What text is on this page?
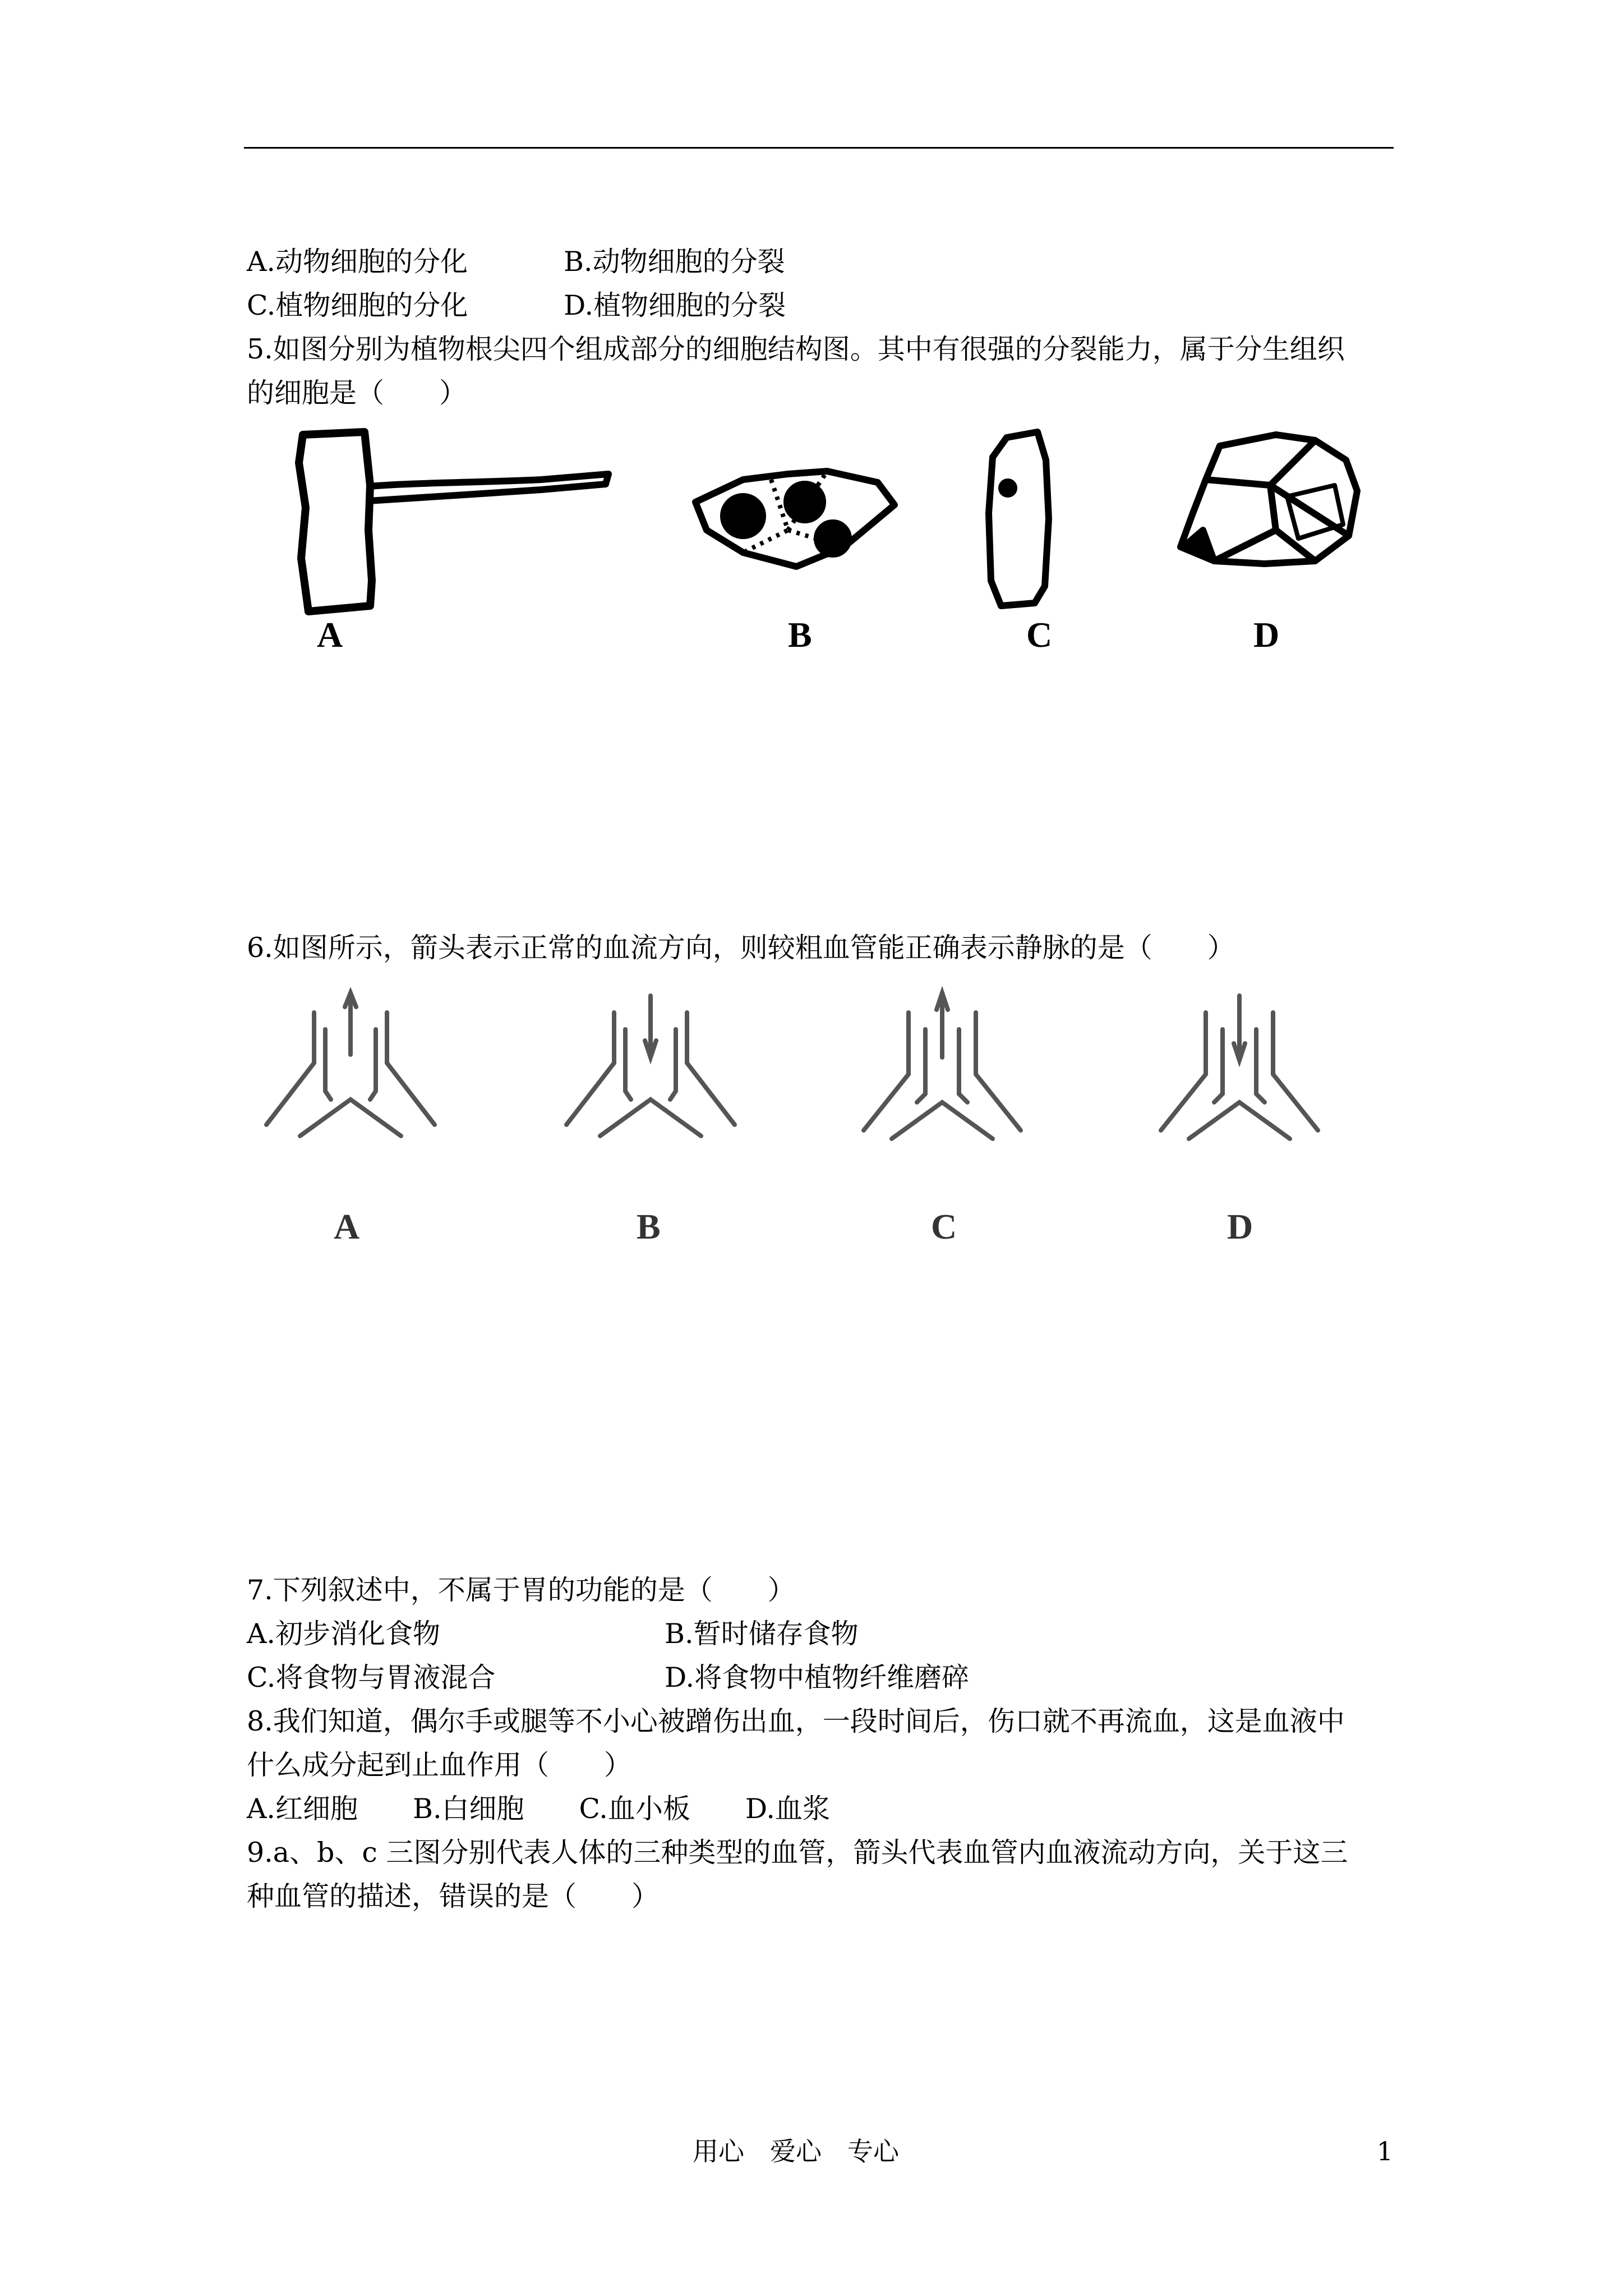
A.动物细胞的分化	B.动物细胞的分裂
C.植物细胞的分化	D.植物细胞的分裂
5.如图分别为植物根尖四个组成部分的细胞结构图。其中有很强的分裂能力，属于分生组织
的细胞是（　　）
A	B	C	D
6.如图所示，箭头表示正常的血流方向，则较粗血管能正确表示静脉的是（　　）
A	B	C	D
7.下列叙述中，不属于胃的功能的是（　　）
A.初步消化食物	B.暂时储存食物
C.将食物与胃液混合	D.将食物中植物纤维磨碎
8.我们知道，偶尔手或腿等不小心被蹭伤出血，一段时间后，伤口就不再流血，这是血液中
什么成分起到止血作用（　　）
A.红细胞　　B.白细胞　　C.血小板　　D.血浆
9.a、b、c 三图分别代表人体的三种类型的血管，箭头代表血管内血液流动方向，关于这三
种血管的描述，错误的是（　　）
用心　爱心　专心	1
